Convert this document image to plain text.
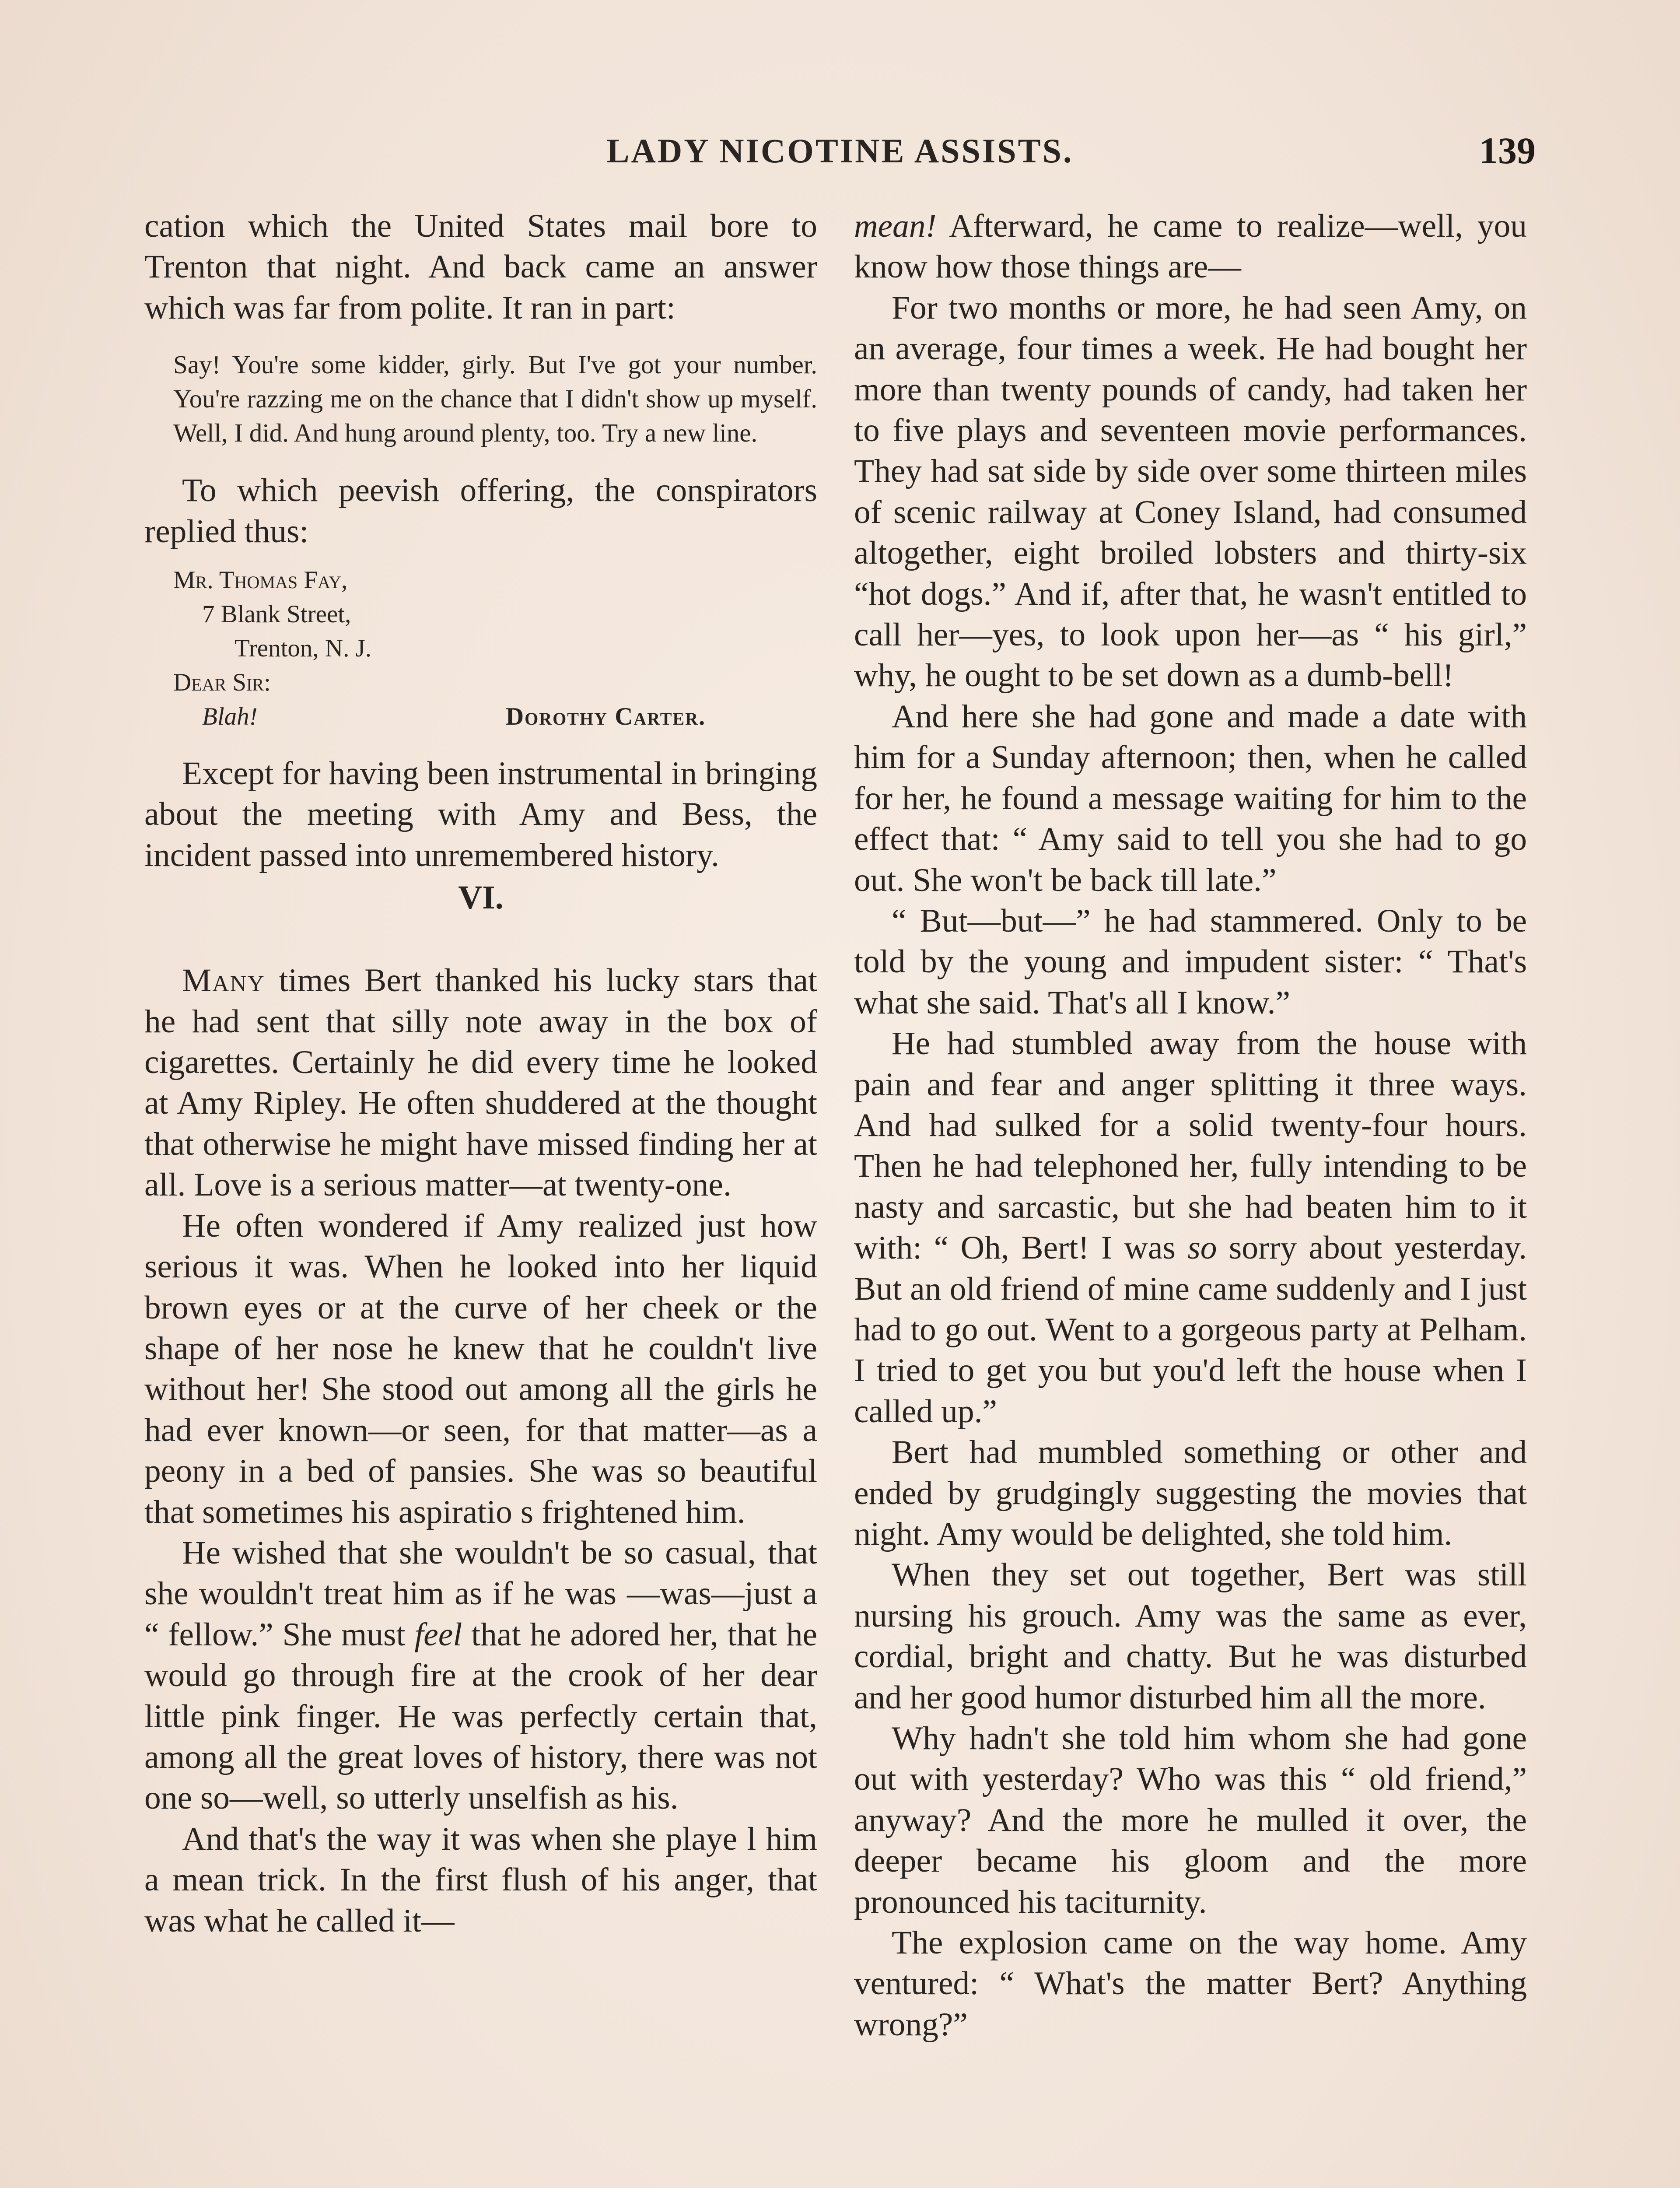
LADY NICOTINE ASSISTS.	139

cation which the United States mail bore to Trenton that night. And back came an answer which was far from polite. It ran in part:

Say! You're some kidder, girly. But I've got your number. You're razzing me on the chance that I didn't show up myself. Well, I did. And hung around plenty, too. Try a new line.

To which peevish offering, the conspirators replied thus:

Mr. Thomas Fay,
7 Blank Street,
Trenton, N. J.
Dear Sir:
Blah!	Dorothy Carter.

Except for having been instrumental in bringing about the meeting with Amy and Bess, the incident passed into unremembered history.

VI.

Many times Bert thanked his lucky stars that he had sent that silly note away in the box of cigarettes. Certainly he did every time he looked at Amy Ripley. He often shuddered at the thought that otherwise he might have missed finding her at all. Love is a serious matter—at twenty-one.

He often wondered if Amy realized just how serious it was. When he looked into her liquid brown eyes or at the curve of her cheek or the shape of her nose he knew that he couldn't live without her! She stood out among all the girls he had ever known—or seen, for that matter—as a peony in a bed of pansies. She was so beautiful that sometimes his aspiratio s frightened him.

He wished that she wouldn't be so casual, that she wouldn't treat him as if he was —was—just a “ fellow.” She must feel that he adored her, that he would go through fire at the crook of her dear little pink finger. He was perfectly certain that, among all the great loves of history, there was not one so—well, so utterly unselfish as his.

And that's the way it was when she playe l him a mean trick. In the first flush of his anger, that was what he called it—

mean! Afterward, he came to realize—well, you know how those things are—

For two months or more, he had seen Amy, on an average, four times a week. He had bought her more than twenty pounds of candy, had taken her to five plays and seventeen movie performances. They had sat side by side over some thirteen miles of scenic railway at Coney Island, had consumed altogether, eight broiled lobsters and thirty-six “hot dogs.” And if, after that, he wasn't entitled to call her—yes, to look upon her—as “ his girl,” why, he ought to be set down as a dumb-bell!

And here she had gone and made a date with him for a Sunday afternoon; then, when he called for her, he found a message waiting for him to the effect that: “ Amy said to tell you she had to go out. She won't be back till late.”

“ But—but—” he had stammered. Only to be told by the young and impudent sister: “ That's what she said. That's all I know.”

He had stumbled away from the house with pain and fear and anger splitting it three ways. And had sulked for a solid twenty-four hours. Then he had telephoned her, fully intending to be nasty and sarcastic, but she had beaten him to it with: “ Oh, Bert! I was so sorry about yesterday. But an old friend of mine came suddenly and I just had to go out. Went to a gorgeous party at Pelham. I tried to get you but you'd left the house when I called up.”

Bert had mumbled something or other and ended by grudgingly suggesting the movies that night. Amy would be delighted, she told him.

When they set out together, Bert was still nursing his grouch. Amy was the same as ever, cordial, bright and chatty. But he was disturbed and her good humor disturbed him all the more.

Why hadn't she told him whom she had gone out with yesterday? Who was this “ old friend,” anyway? And the more he mulled it over, the deeper became his gloom and the more pronounced his taciturnity.

The explosion came on the way home. Amy ventured: “ What's the matter Bert? Anything wrong?”
